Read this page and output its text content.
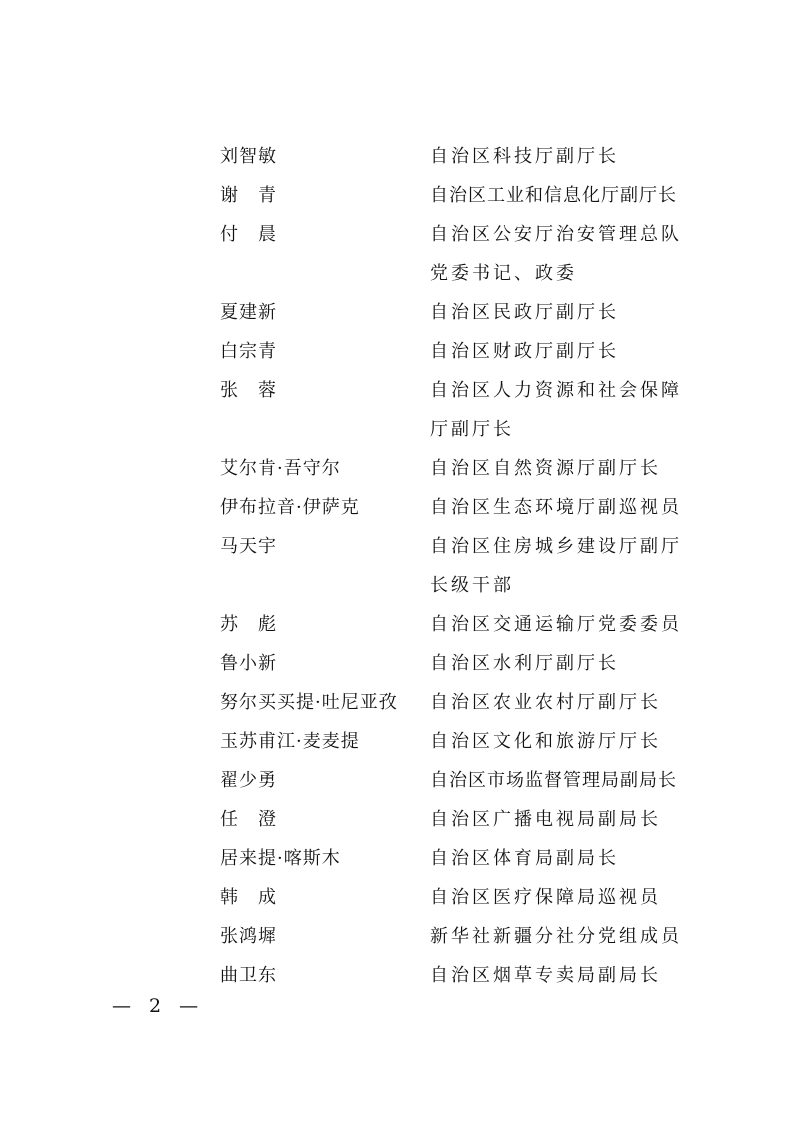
刘智敏	自治区科技厅副厅长
谢　青	自治区工业和信息化厅副厅长
付　晨	自治区公安厅治安管理总队
党委书记、政委
夏建新	自治区民政厅副厅长
白宗青	自治区财政厅副厅长
张　蓉	自治区人力资源和社会保障
厅副厅长
艾尔肯·吾守尔	自治区自然资源厅副厅长
伊布拉音·伊萨克	自治区生态环境厅副巡视员
马天宇	自治区住房城乡建设厅副厅
长级干部
苏　彪	自治区交通运输厅党委委员
鲁小新	自治区水利厅副厅长
努尔买买提·吐尼亚孜	自治区农业农村厅副厅长
玉苏甫江·麦麦提	自治区文化和旅游厅厅长
翟少勇	自治区市场监督管理局副局长
任　澄	自治区广播电视局副局长
居来提·喀斯木	自治区体育局副局长
韩　成	自治区医疗保障局巡视员
张鸿墀	新华社新疆分社分党组成员
曲卫东	自治区烟草专卖局副局长
— 2 —
